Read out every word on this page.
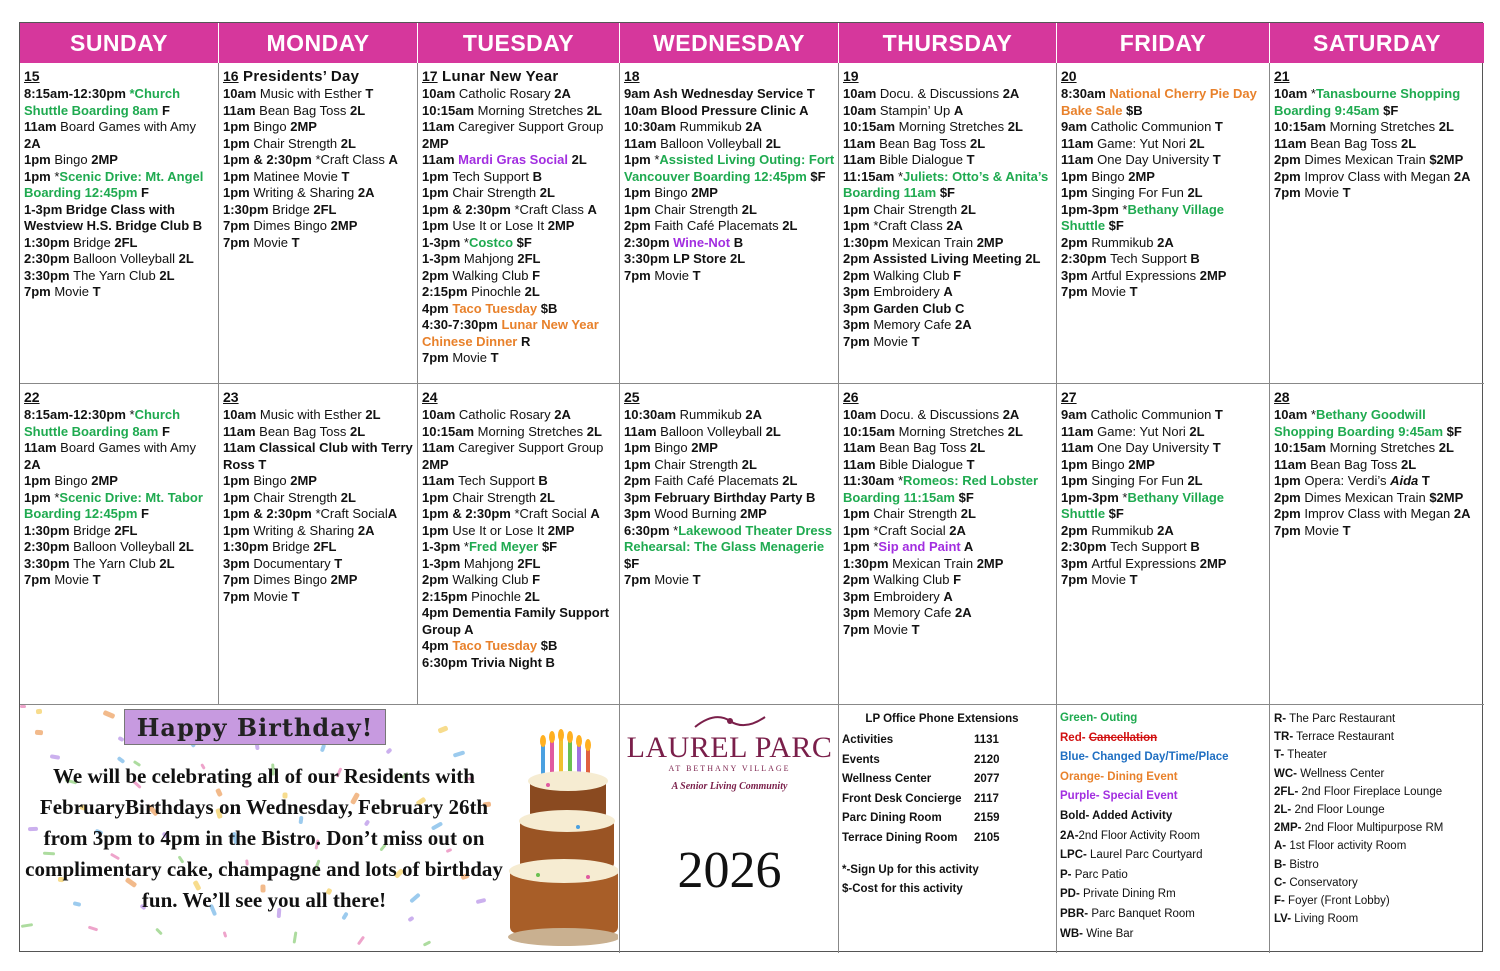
Happy Birthday!
We will be celebrating all of our Residents with FebruaryBirthdays on Wednesday, February 26th from 3pm to 4pm in the Bistro. Don’t miss out on complimentary cake, champagne and lots of birthday fun. We’ll see you all there!
LAUREL PARC
AT BETHANY VILLAGE
A Senior Living Community
2026
LP Office Phone Extensions
Activities	1131
Events	2120
Wellness Center	2077
Front Desk Concierge	2117
Parc Dining Room	2159
Terrace Dining Room	2105
*-Sign Up for this activity
$-Cost for this activity
Green- Outing
Red- Cancellation
Blue- Changed Day/Time/Place
Orange- Dining Event
Purple- Special Event
Bold- Added Activity
2A-2nd Floor Activity Room
LPC- Laurel Parc Courtyard
P- Parc Patio
PD- Private Dining Rm
PBR- Parc Banquet Room
WB- Wine Bar
R- The Parc Restaurant
TR- Terrace Restaurant
T- Theater
WC- Wellness Center
2FL- 2nd Floor Fireplace Lounge
2L- 2nd Floor Lounge
2MP- 2nd Floor Multipurpose RM
A- 1st Floor activity Room
B- Bistro
C- Conservatory
F- Foyer (Front Lobby)
LV- Living Room
SUNDAY	MONDAY	TUESDAY	WEDNESDAY	THURSDAY	FRIDAY	SATURDAY
15
8:15am-12:30pm *Church Shuttle Boarding 8am F
11am Board Games with Amy 2A
1pm Bingo 2MP
1pm *Scenic Drive: Mt. Angel Boarding 12:45pm F
1-3pm Bridge Class with Westview H.S. Bridge Club B
1:30pm Bridge 2FL
2:30pm Balloon Volleyball 2L
3:30pm The Yarn Club 2L
7pm Movie T
16 Presidents’ Day
10am Music with Esther T
11am Bean Bag Toss 2L
1pm Bingo 2MP
1pm Chair Strength 2L
1pm & 2:30pm *Craft Class A
1pm Matinee Movie T
1pm Writing & Sharing 2A
1:30pm Bridge 2FL
7pm Dimes Bingo 2MP
7pm Movie T
17 Lunar New Year
10am Catholic Rosary 2A
10:15am Morning Stretches 2L
11am Caregiver Support Group 2MP
11am Mardi Gras Social 2L
1pm Tech Support B
1pm Chair Strength 2L
1pm & 2:30pm *Craft Class A
1pm Use It or Lose It 2MP
1-3pm *Costco $F
1-3pm Mahjong 2FL
2pm Walking Club F
2:15pm Pinochle 2L
4pm Taco Tuesday $B
4:30-7:30pm Lunar New Year Chinese Dinner R
7pm Movie T
18
9am Ash Wednesday Service T
10am Blood Pressure Clinic A
10:30am Rummikub 2A
11am Balloon Volleyball 2L
1pm *Assisted Living Outing: Fort Vancouver Boarding 12:45pm $F
1pm Bingo 2MP
1pm Chair Strength 2L
2pm Faith Café Placemats 2L
2:30pm Wine-Not B
3:30pm LP Store 2L
7pm Movie T
19
10am Docu. & Discussions 2A
10am Stampin’ Up A
10:15am Morning Stretches 2L
11am Bean Bag Toss 2L
11am Bible Dialogue T
11:15am *Juliets: Otto’s & Anita’s Boarding 11am $F
1pm Chair Strength 2L
1pm *Craft Class 2A
1:30pm Mexican Train 2MP
2pm Assisted Living Meeting 2L
2pm Walking Club F
3pm Embroidery A
3pm Garden Club C
3pm Memory Cafe 2A
7pm Movie T
20
8:30am National Cherry Pie Day Bake Sale $B
9am Catholic Communion T
11am Game: Yut Nori 2L
11am One Day University T
1pm Bingo 2MP
1pm Singing For Fun 2L
1pm-3pm *Bethany Village Shuttle $F
2pm Rummikub 2A
2:30pm Tech Support B
3pm Artful Expressions 2MP
7pm Movie T
21
10am *Tanasbourne Shopping Boarding 9:45am $F
10:15am Morning Stretches 2L
11am Bean Bag Toss 2L
2pm Dimes Mexican Train $2MP
2pm Improv Class with Megan 2A
7pm Movie T
22
8:15am-12:30pm *Church Shuttle Boarding 8am F
11am Board Games with Amy 2A
1pm Bingo 2MP
1pm *Scenic Drive: Mt. Tabor Boarding 12:45pm F
1:30pm Bridge 2FL
2:30pm Balloon Volleyball 2L
3:30pm The Yarn Club 2L
7pm Movie T
23
10am Music with Esther 2L
11am Bean Bag Toss 2L
11am Classical Club with Terry Ross T
1pm Bingo 2MP
1pm Chair Strength 2L
1pm & 2:30pm *Craft SocialA
1pm Writing & Sharing 2A
1:30pm Bridge 2FL
3pm Documentary T
7pm Dimes Bingo 2MP
7pm Movie T
24
10am Catholic Rosary 2A
10:15am Morning Stretches 2L
11am Caregiver Support Group 2MP
11am Tech Support B
1pm Chair Strength 2L
1pm & 2:30pm *Craft Social A
1pm Use It or Lose It 2MP
1-3pm *Fred Meyer $F
1-3pm Mahjong 2FL
2pm Walking Club F
2:15pm Pinochle 2L
4pm Dementia Family Support Group A
4pm Taco Tuesday $B
6:30pm Trivia Night B
25
10:30am Rummikub 2A
11am Balloon Volleyball 2L
1pm Bingo 2MP
1pm Chair Strength 2L
2pm Faith Café Placemats 2L
3pm February Birthday Party B
3pm Wood Burning 2MP
6:30pm *Lakewood Theater Dress Rehearsal: The Glass Menagerie $F
7pm Movie T
26
10am Docu. & Discussions 2A
10:15am Morning Stretches 2L
11am Bean Bag Toss 2L
11am Bible Dialogue T
11:30am *Romeos: Red Lobster Boarding 11:15am $F
1pm Chair Strength 2L
1pm *Craft Social 2A
1pm *Sip and Paint A
1:30pm Mexican Train 2MP
2pm Walking Club F
3pm Embroidery A
3pm Memory Cafe 2A
7pm Movie T
27
9am Catholic Communion T
11am Game: Yut Nori 2L
11am One Day University T
1pm Bingo 2MP
1pm Singing For Fun 2L
1pm-3pm *Bethany Village Shuttle $F
2pm Rummikub 2A
2:30pm Tech Support B
3pm Artful Expressions 2MP
7pm Movie T
28
10am *Bethany Goodwill Shopping Boarding 9:45am $F
10:15am Morning Stretches 2L
11am Bean Bag Toss 2L
1pm Opera: Verdi’s Aida T
2pm Dimes Mexican Train $2MP
2pm Improv Class with Megan 2A
7pm Movie T
